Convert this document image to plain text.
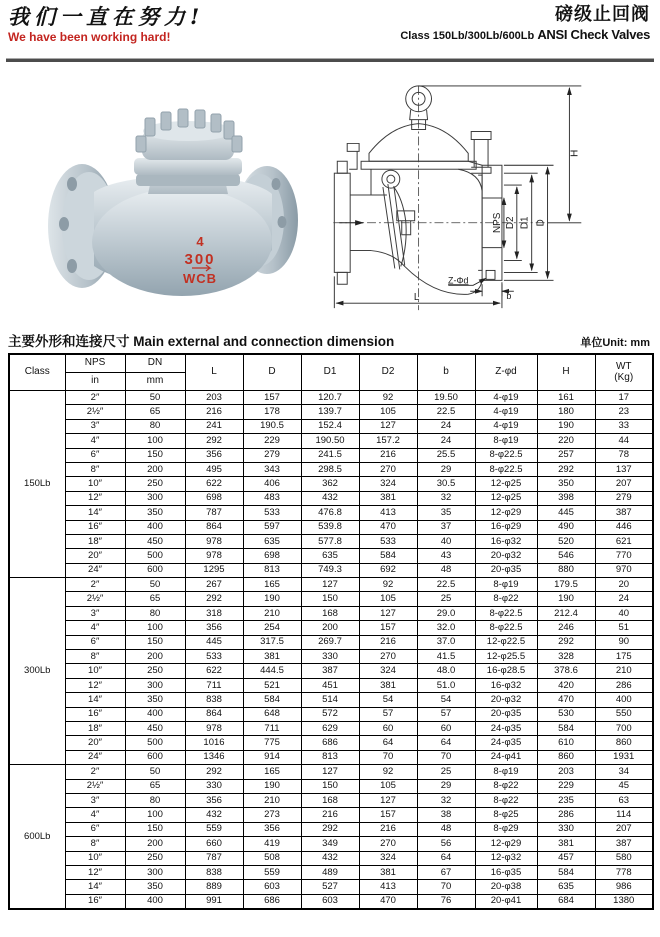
我们一直在努力!
We have been working hard!
磅级止回阀
Class 150Lb/300Lb/600Lb ANSI Check Valves
4
300
WCB
H
NPS D2 D1 D
Z-Φd
b
L
主要外形和连接尺寸 Main external and connection dimension	单位Unit: mm
Class	NPS	DN	L	D	D1	D2	b	Z-φd	H	WT
(Kg)

	in	mm								
150Lb	2″	50	203	157	120.7	92	19.50	4-φ19	161	17
	2½″	65	216	178	139.7	105	22.5	4-φ19	180	23
	3″	80	241	190.5	152.4	127	24	4-φ19	190	33
	4″	100	292	229	190.50	157.2	24	8-φ19	220	44
	6″	150	356	279	241.5	216	25.5	8-φ22.5	257	78
	8″	200	495	343	298.5	270	29	8-φ22.5	292	137
	10″	250	622	406	362	324	30.5	12-φ25	350	207
	12″	300	698	483	432	381	32	12-φ25	398	279
	14″	350	787	533	476.8	413	35	12-φ29	445	387
	16″	400	864	597	539.8	470	37	16-φ29	490	446
	18″	450	978	635	577.8	533	40	16-φ32	520	621
	20″	500	978	698	635	584	43	20-φ32	546	770
	24″	600	1295	813	749.3	692	48	20-φ35	880	970
300Lb	2″	50	267	165	127	92	22.5	8-φ19	179.5	20
	2½″	65	292	190	150	105	25	8-φ22	190	24
	3″	80	318	210	168	127	29.0	8-φ22.5	212.4	40
	4″	100	356	254	200	157	32.0	8-φ22.5	246	51
	6″	150	445	317.5	269.7	216	37.0	12-φ22.5	292	90
	8″	200	533	381	330	270	41.5	12-φ25.5	328	175
	10″	250	622	444.5	387	324	48.0	16-φ28.5	378.6	210
	12″	300	711	521	451	381	51.0	16-φ32	420	286
	14″	350	838	584	514	54	54	20-φ32	470	400
	16″	400	864	648	572	57	57	20-φ35	530	550
	18″	450	978	711	629	60	60	24-φ35	584	700
	20″	500	1016	775	686	64	64	24-φ35	610	860
	24″	600	1346	914	813	70	70	24-φ41	860	1931
600Lb	2″	50	292	165	127	92	25	8-φ19	203	34
	2½″	65	330	190	150	105	29	8-φ22	229	45
	3″	80	356	210	168	127	32	8-φ22	235	63
	4″	100	432	273	216	157	38	8-φ25	286	114
	6″	150	559	356	292	216	48	8-φ29	330	207
	8″	200	660	419	349	270	56	12-φ29	381	387
	10″	250	787	508	432	324	64	12-φ32	457	580
	12″	300	838	559	489	381	67	16-φ35	584	778
	14″	350	889	603	527	413	70	20-φ38	635	986
	16″	400	991	686	603	470	76	20-φ41	684	1380
